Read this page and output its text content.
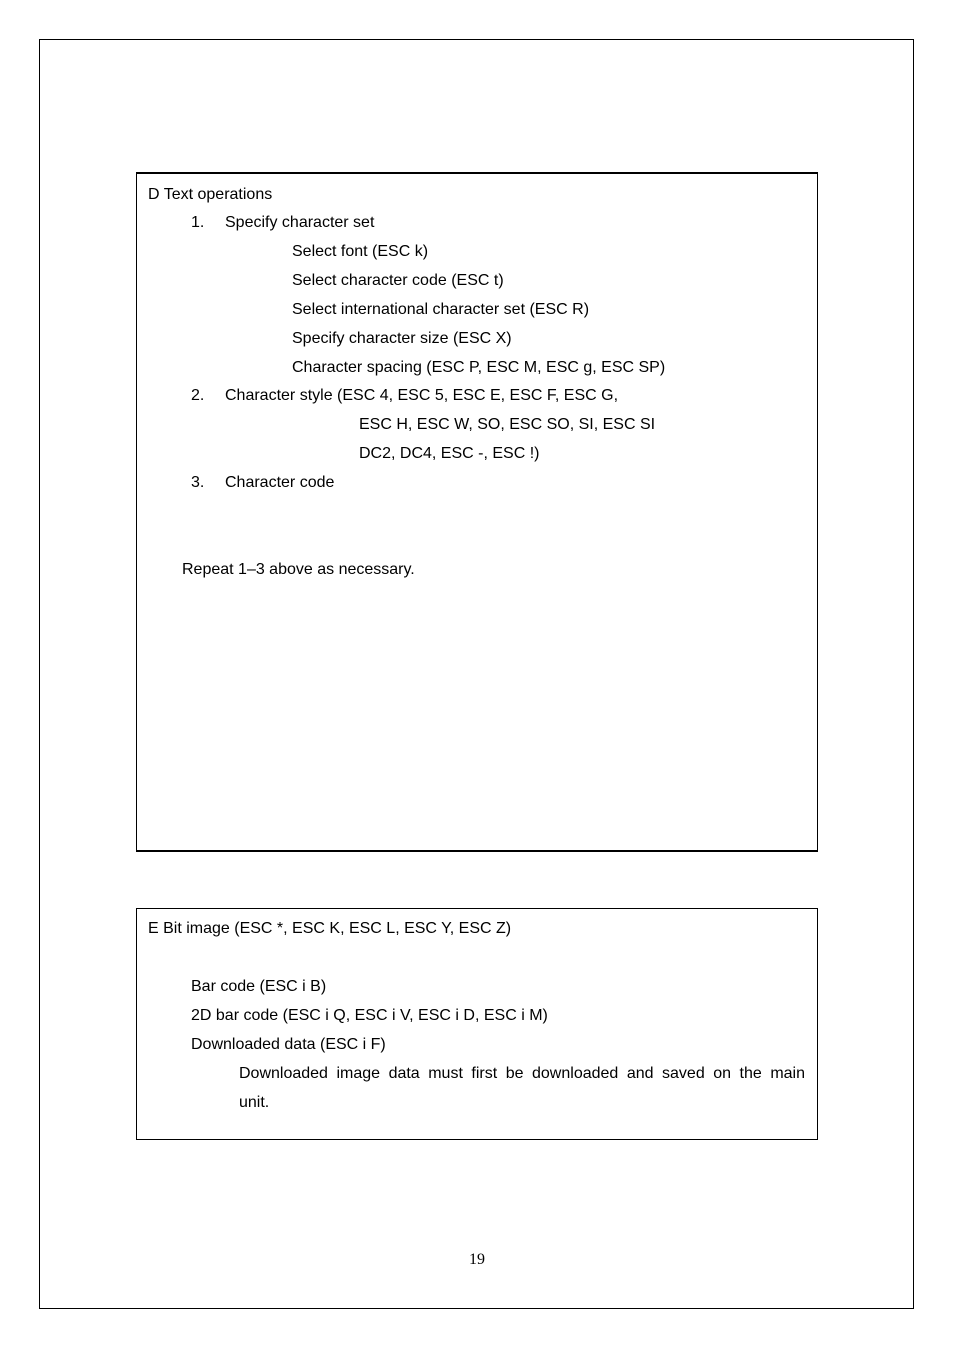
D Text operations
1. Specify character set
Select font (ESC k)
Select character code (ESC t)
Select international character set (ESC R)
Specify character size (ESC X)
Character spacing (ESC P, ESC M, ESC g, ESC SP)
2. Character style (ESC 4, ESC 5, ESC E, ESC F, ESC G,
ESC H, ESC W, SO, ESC SO, SI, ESC SI
DC2, DC4, ESC -, ESC !)
3. Character code
Repeat 1–3 above as necessary.
E Bit image (ESC *, ESC K, ESC L, ESC Y, ESC Z)
Bar code (ESC i B)
2D bar code (ESC i Q, ESC i V, ESC i D, ESC i M)
Downloaded data (ESC i F)
Downloaded image data must first be downloaded and saved on the main
unit.
19
